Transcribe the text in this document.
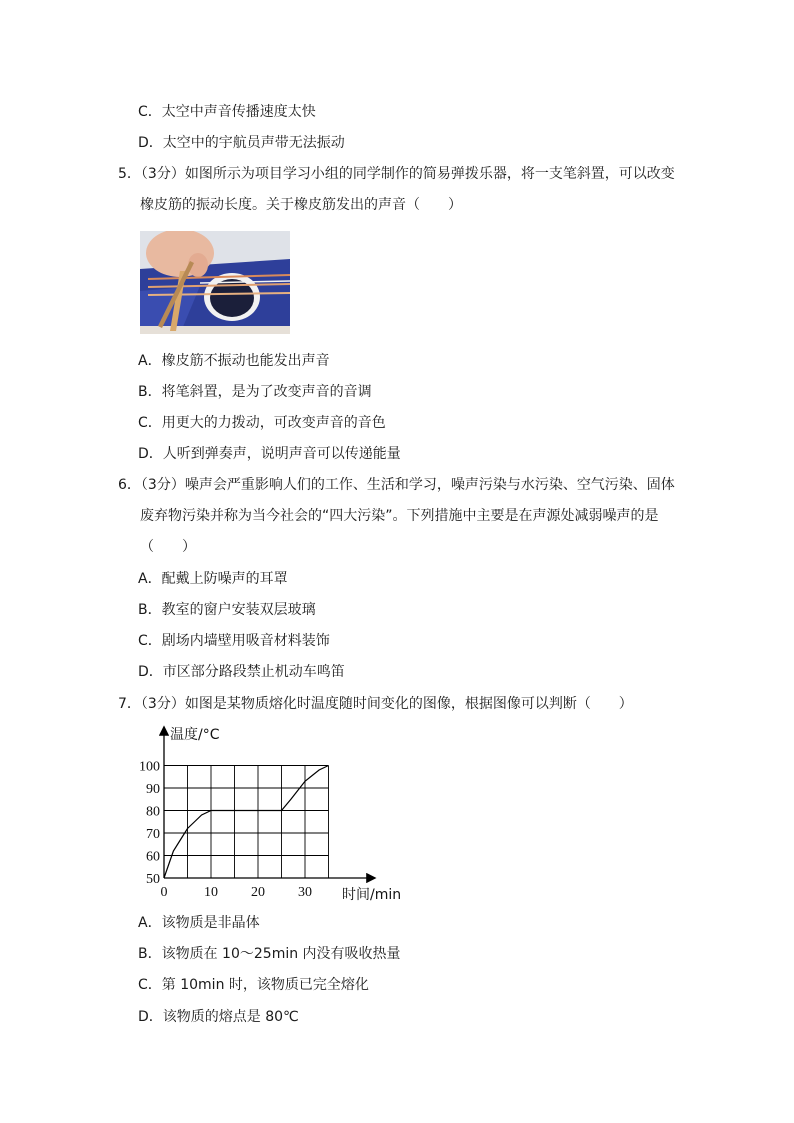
C．太空中声音传播速度太快
D．太空中的宇航员声带无法振动
5．（3分）如图所示为项目学习小组的同学制作的简易弹拨乐器，将一支笔斜置，可以改变
橡皮筋的振动长度。关于橡皮筋发出的声音（　　）
A．橡皮筋不振动也能发出声音
B．将笔斜置，是为了改变声音的音调
C．用更大的力拨动，可改变声音的音色
D．人听到弹奏声，说明声音可以传递能量
6．（3分）噪声会严重影响人们的工作、生活和学习，噪声污染与水污染、空气污染、固体
废弃物污染并称为当今社会的“四大污染”。下列措施中主要是在声源处减弱噪声的是
（　　）
A．配戴上防噪声的耳罩
B．教室的窗户安装双层玻璃
C．剧场内墙壁用吸音材料装饰
D．市区部分路段禁止机动车鸣笛
7．（3分）如图是某物质熔化时温度随时间变化的图像，根据图像可以判断（　　）
温度/°C
时间/min
50
60
70
80
90
100
0	10 20 30
A．该物质是非晶体
B．该物质在 10～25min 内没有吸收热量
C．第 10min 时，该物质已完全熔化
D．该物质的熔点是 80℃
